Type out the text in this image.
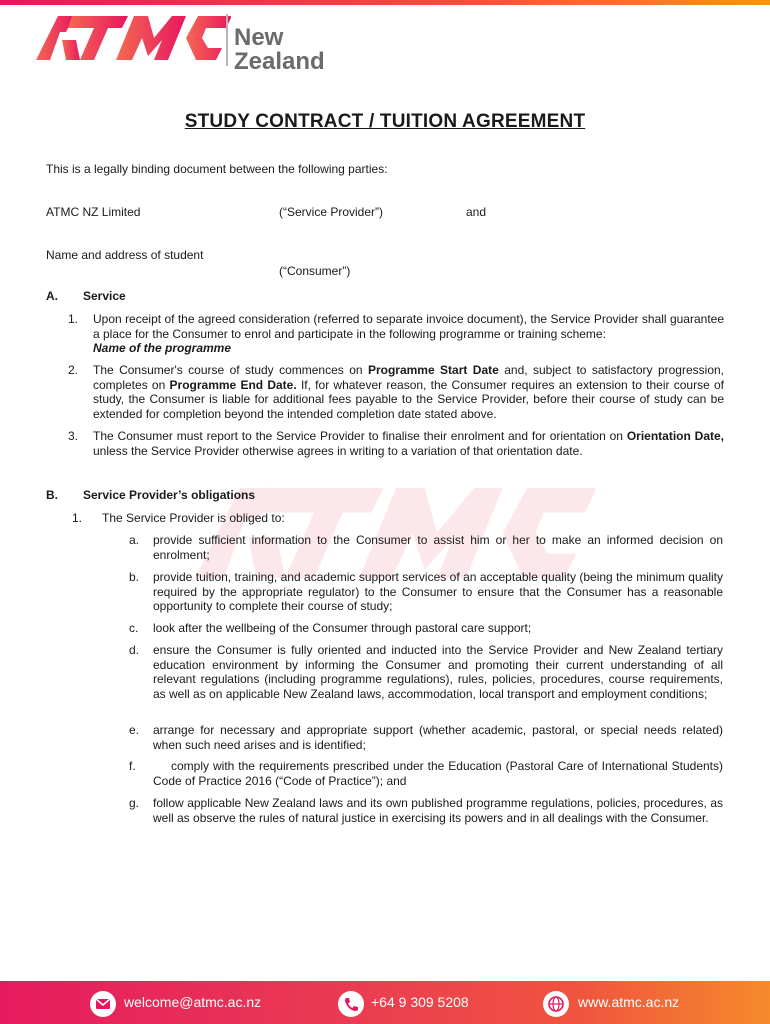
New
Zealand
STUDY CONTRACT / TUITION AGREEMENT
This is a legally binding document between the following parties:
ATMC NZ Limited	(“Service Provider”)	and
Name and address of student
(“Consumer”)
A. Service
1. Upon receipt of the agreed consideration (referred to separate invoice document), the Service Provider shall guarantee a place for the Consumer to enrol and participate in the following programme or training scheme:
Name of the programme
2. The Consumer's course of study commences on Programme Start Date and, subject to satisfactory progression, completes on Programme End Date. If, for whatever reason, the Consumer requires an extension to their course of study, the Consumer is liable for additional fees payable to the Service Provider, before their course of study can be extended for completion beyond the intended completion date stated above.
3. The Consumer must report to the Service Provider to finalise their enrolment and for orientation on Orientation Date, unless the Service Provider otherwise agrees in writing to a variation of that orientation date.
B. Service Provider’s obligations
1. The Service Provider is obliged to:
a. provide sufficient information to the Consumer to assist him or her to make an informed decision on enrolment;
b. provide tuition, training, and academic support services of an acceptable quality (being the minimum quality required by the appropriate regulator) to the Consumer to ensure that the Consumer has a reasonable opportunity to complete their course of study;
c. look after the wellbeing of the Consumer through pastoral care support;
d. ensure the Consumer is fully oriented and inducted into the Service Provider and New Zealand tertiary education environment by informing the Consumer and promoting their current understanding of all relevant regulations (including programme regulations), rules, policies, procedures, course requirements, as well as on applicable New Zealand laws, accommodation, local transport and employment conditions;
e. arrange for necessary and appropriate support (whether academic, pastoral, or special needs related) when such need arises and is identified;
f.	comply with the requirements prescribed under the Education (Pastoral Care of International Students) Code of Practice 2016 (“Code of Practice”); and
g. follow applicable New Zealand laws and its own published programme regulations, policies, procedures, as well as observe the rules of natural justice in exercising its powers and in all dealings with the Consumer.
welcome@atmc.ac.nz	+64 9 309 5208	www.atmc.ac.nz
